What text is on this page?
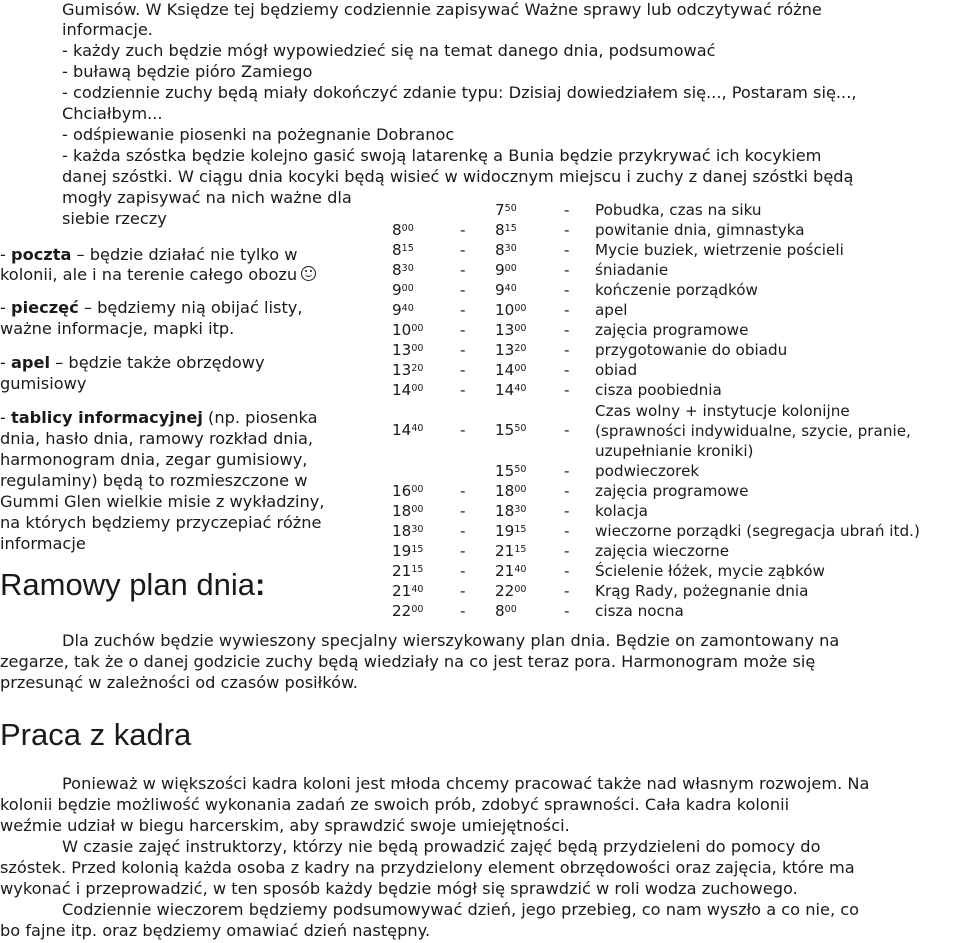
Gumisów. W Księdze tej będziemy codziennie zapisywać Ważne sprawy lub odczytywać różne
informacje.
- każdy zuch będzie mógł wypowiedzieć się na temat danego dnia, podsumować
- buławą będzie pióro Zamiego
- codziennie zuchy będą miały dokończyć zdanie typu: Dzisiaj dowiedziałem się..., Postaram się...,
Chciałbym...
- odśpiewanie piosenki na pożegnanie Dobranoc
- każda szóstka będzie kolejno gasić swoją latarenkę a Bunia będzie przykrywać ich kocykiem
danej szóstki. W ciągu dnia kocyki będą wisieć w widocznym miejscu i zuchy z danej szóstki będą
mogły zapisywać na nich ważne dla
siebie rzeczy
- poczta – będzie działać nie tylko w
kolonii, ale i na terenie całego obozu
- pieczęć – będziemy nią obijać listy,
ważne informacje, mapki itp.
- apel – będzie także obrzędowy
gumisiowy
- tablicy informacyjnej (np. piosenka
dnia, hasło dnia, ramowy rozkład dnia,
harmonogram dnia, zegar gumisiowy,
regulaminy) będą to rozmieszczone w
Gummi Glen wielkie misie z wykładziny,
na których będziemy przyczepiać różne
informacje
Ramowy plan dnia:
$7^{50}$	- Pobudka, czas na siku
$8^{00}$	- $8^{15}$	- powitanie dnia, gimnastyka
$8^{15}$	- $8^{30}$	- Mycie buziek, wietrzenie pościeli
$8^{30}$	- $9^{00}$	- śniadanie
$9^{00}$	- $9^{40}$	- kończenie porządków
$9^{40}$	- $10^{00}$ - apel
$10^{00} - 13^{00}$ - zajęcia programowe
$13^{00} - 13^{20}$ - przygotowanie do obiadu
$13^{20} - 14^{00}$ - obiad
$14^{00} - 14^{40}$ - cisza poobiednia
$14^{40} - 15^{50}$ -
Czas wolny + instytucje kolonijne
(sprawności indywidualne, szycie, pranie,
uzupełnianie kroniki)
$15^{50}$ - podwieczorek
$16^{00} - 18^{00}$ - zajęcia programowe
$18^{00} - 18^{30}$ - kolacja
$18^{30} - 19^{15}$ - wieczorne porządki (segregacja ubrań itd.)
$19^{15} - 21^{15}$ - zajęcia wieczorne
$21^{15} - 21^{40}$ - Ścielenie łóżek, mycie ząbków
$21^{40} - 22^{00}$ - Krąg Rady, pożegnanie dnia
$22^{00} - 8^{00}$	- cisza nocna
Dla zuchów będzie wywieszony specjalny wierszykowany plan dnia. Będzie on zamontowany na
zegarze, tak że o danej godzicie zuchy będą wiedziały na co jest teraz pora. Harmonogram może się
przesunąć w zależności od czasów posiłków.
Praca z kadra
Ponieważ w większości kadra koloni jest młoda chcemy pracować także nad własnym rozwojem. Na
kolonii będzie możliwość wykonania zadań ze swoich prób, zdobyć sprawności. Cała kadra kolonii
weźmie udział w biegu harcerskim, aby sprawdzić swoje umiejętności.
W czasie zajęć instruktorzy, którzy nie będą prowadzić zajęć będą przydzieleni do pomocy do
szóstek. Przed kolonią każda osoba z kadry na przydzielony element obrzędowości oraz zajęcia, które ma
wykonać i przeprowadzić, w ten sposób każdy będzie mógł się sprawdzić w roli wodza zuchowego.
Codziennie wieczorem będziemy podsumowywać dzień, jego przebieg, co nam wyszło a co nie, co
bo fajne itp. oraz będziemy omawiać dzień następny.
